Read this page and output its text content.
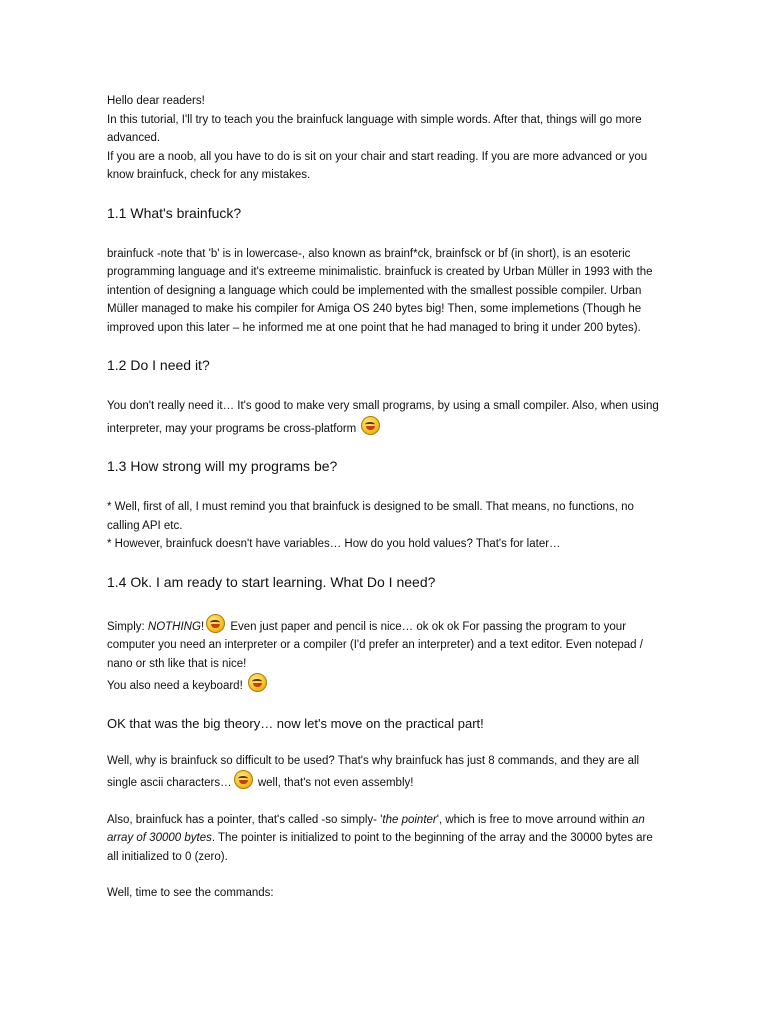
Hello dear readers!

In this tutorial, I'll try to teach you the brainfuck language with simple words. After that, things will go more advanced.

If you are a noob, all you have to do is sit on your chair and start reading. If you are more advanced or you know brainfuck, check for any mistakes.

1.1 What's brainfuck?

brainfuck -note that 'b' is in lowercase-, also known as brainf*ck, brainfsck or bf (in short), is an esoteric programming language and it's extreeme minimalistic. brainfuck is created by Urban Müller in 1993 with the intention of designing a language which could be implemented with the smallest possible compiler. Urban Müller managed to make his compiler for Amiga OS 240 bytes big! Then, some implemetions (Though he improved upon this later – he informed me at one point that he had managed to bring it under 200 bytes).

1.2 Do I need it?

You don't really need it… It's good to make very small programs, by using a small compiler. Also, when using interpreter, may your programs be cross-platform

1.3 How strong will my programs be?

* Well, first of all, I must remind you that brainfuck is designed to be small. That means, no functions, no calling API etc.

* However, brainfuck doesn't have variables… How do you hold values? That's for later…

1.4 Ok. I am ready to start learning. What Do I need?

Simply: NOTHING! Even just paper and pencil is nice… ok ok ok For passing the program to your computer you need an interpreter or a compiler (I'd prefer an interpreter) and a text editor. Even notepad / nano or sth like that is nice!

You also need a keyboard!

OK that was the big theory… now let's move on the practical part!

Well, why is brainfuck so difficult to be used? That's why brainfuck has just 8 commands, and they are all single ascii characters… well, that's not even assembly!

Also, brainfuck has a pointer, that's called -so simply- 'the pointer', which is free to move arround within an array of 30000 bytes. The pointer is initialized to point to the beginning of the array and the 30000 bytes are all initialized to 0 (zero).

Well, time to see the commands:
